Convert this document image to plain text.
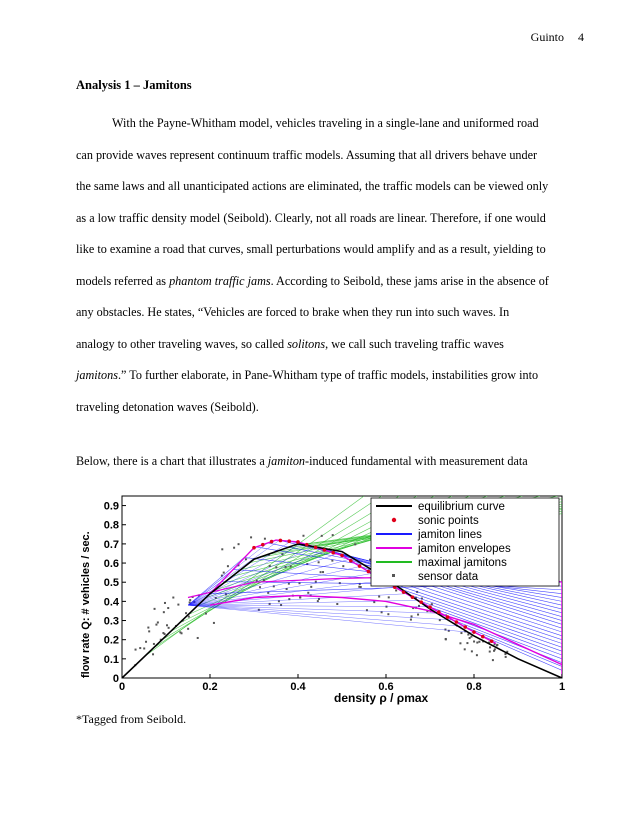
Guinto 4
Analysis 1 – Jamitons
With the Payne-Whitham model, vehicles traveling in a single-lane and uniformed road
can provide waves represent continuum traffic models. Assuming that all drivers behave under
the same laws and all unanticipated actions are eliminated, the traffic models can be viewed only
as a low traffic density model (Seibold). Clearly, not all roads are linear. Therefore, if one would
like to examine a road that curves, small perturbations would amplify and as a result, yielding to
models referred as phantom traffic jams. According to Seibold, these jams arise in the absence of
any obstacles. He states, “Vehicles are forced to brake when they run into such waves. In
analogy to other traveling waves, so called solitons, we call such traveling traffic waves
jamitons.” To further elaborate, in Pane-Whitham type of traffic models, instabilities grow into
traveling detonation waves (Seibold).
Below, there is a chart that illustrates a jamiton-induced fundamental with measurement data
0	0.2	0.4	0.6	0.8	1
0
0.1
0.2
0.3
0.4
0.5
0.6
0.7
0.8
0.9	equilibrium curve
sonic points
jamiton lines
jamiton envelopes
maximal jamitons
sensor data
flow rate Q: # vehicles / sec.
density ρ / ρmax
*Tagged from Seibold.
